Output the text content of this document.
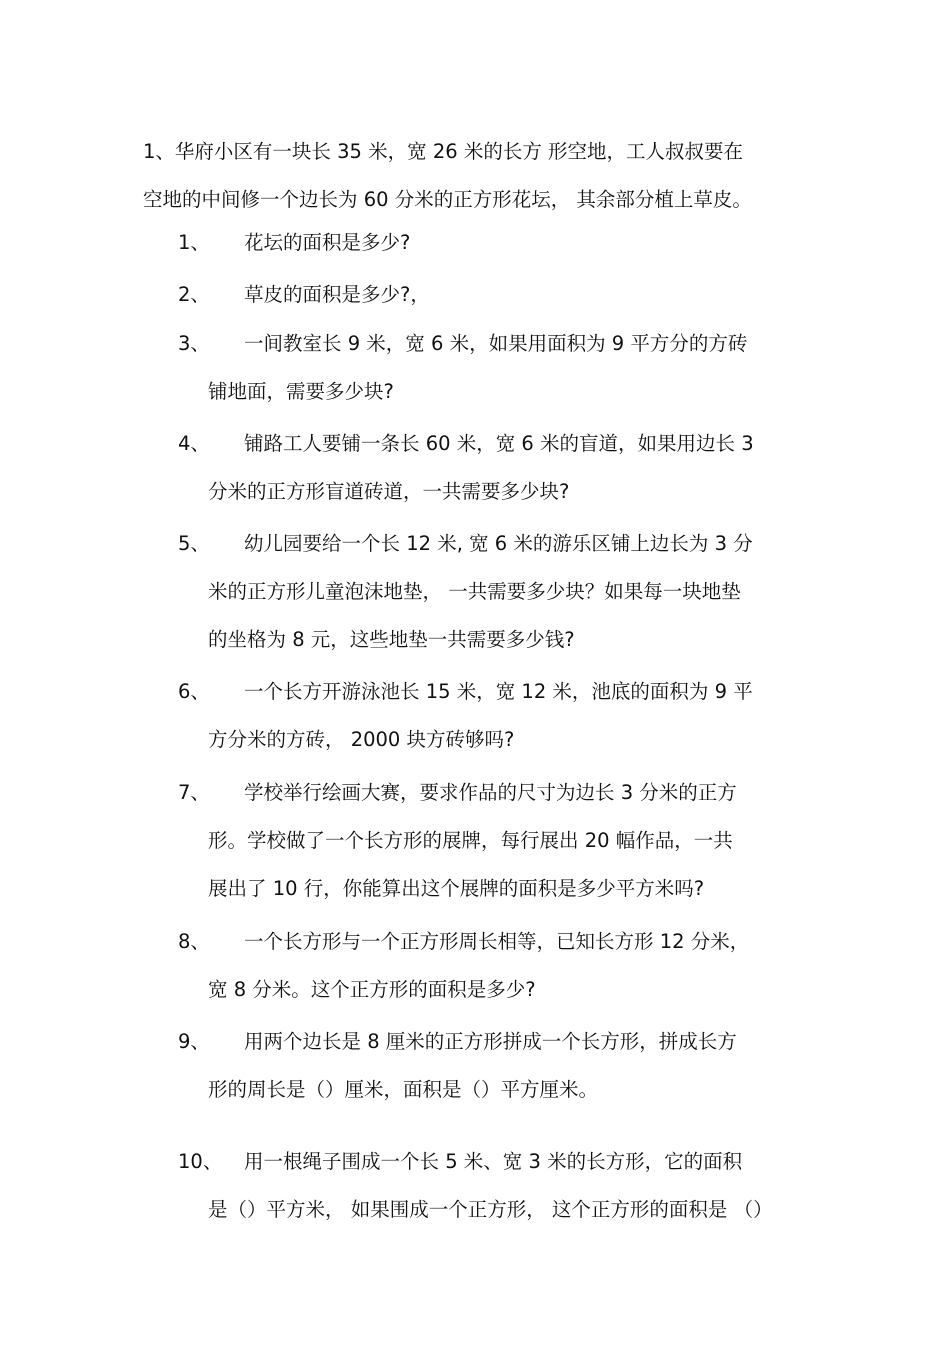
1、华府小区有一块长 35 米，宽 26 米的长方 形空地，工人叔叔要在
空地的中间修一个边长为 60 分米的正方形花坛， 其余部分植上草皮。
1、	花坛的面积是多少?
2、	草皮的面积是多少?，
3、	一间教室长 9 米，宽 6 米，如果用面积为 9 平方分的方砖
铺地面，需要多少块?
4、	铺路工人要铺一条长 60 米，宽 6 米的盲道，如果用边长 3
分米的正方形盲道砖道，一共需要多少块?
5、	幼儿园要给一个长 12 米, 宽 6 米的游乐区铺上边长为 3 分
米的正方形儿童泡沫地垫， 一共需要多少块？如果每一块地垫
的坐格为 8 元，这些地垫一共需要多少钱?
6、	一个长方开游泳池长 15 米，宽 12 米，池底的面积为 9 平
方分米的方砖， 2000 块方砖够吗?
7、	学校举行绘画大赛，要求作品的尺寸为边长 3 分米的正方
形。学校做了一个长方形的展牌，每行展出 20 幅作品，一共
展出了 10 行，你能算出这个展牌的面积是多少平方米吗?
8、	一个长方形与一个正方形周长相等，已知长方形 12 分米，
宽 8 分米。这个正方形的面积是多少?
9、	用两个边长是 8 厘米的正方形拼成一个长方形，拼成长方
形的周长是（）厘米，面积是（）平方厘米。
10、	用一根绳子围成一个长 5 米、宽 3 米的长方形，它的面积
是（）平方米， 如果围成一个正方形， 这个正方形的面积是 （）
